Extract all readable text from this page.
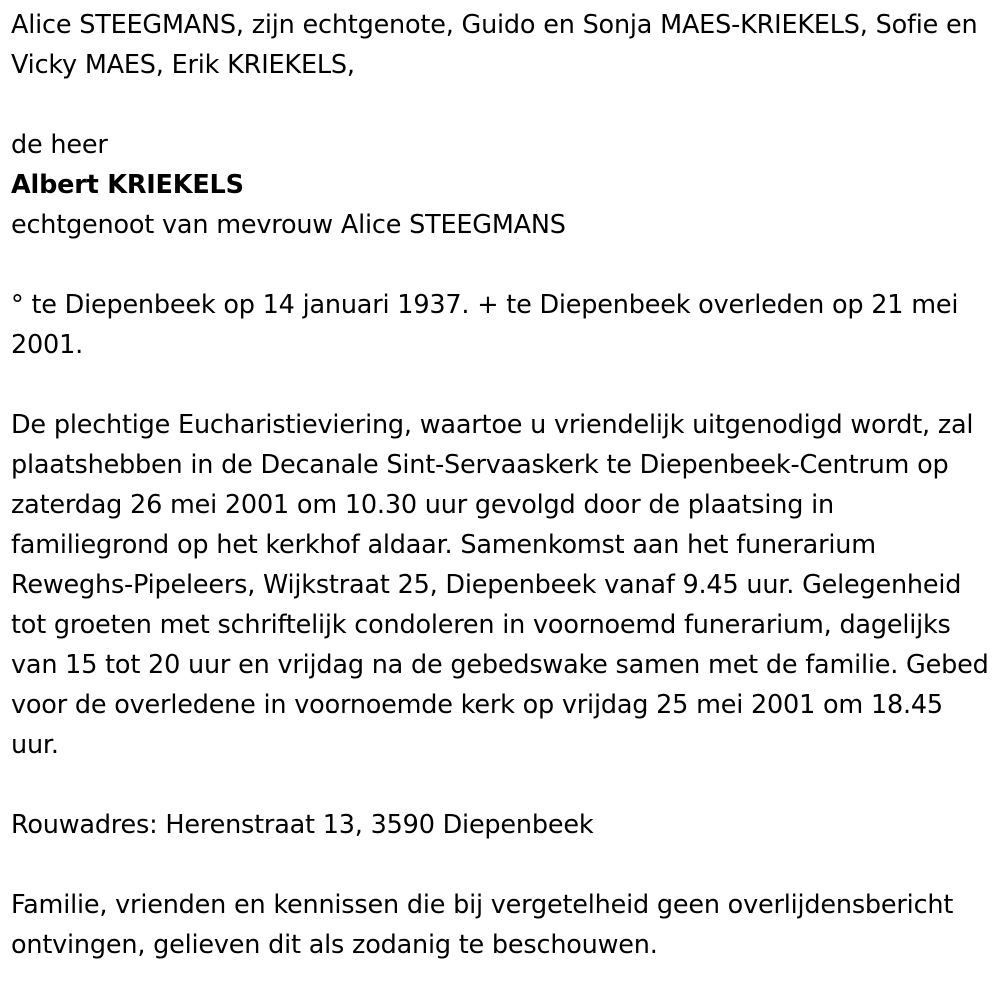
Alice STEEGMANS, zijn echtgenote, Guido en Sonja MAES-KRIEKELS, Sofie en Vicky MAES, Erik KRIEKELS,

de heer

Albert KRIEKELS

echtgenoot van mevrouw Alice STEEGMANS

° te Diepenbeek op 14 januari 1937. + te Diepenbeek overleden op 21 mei 2001.

De plechtige Eucharistieviering, waartoe u vriendelijk uitgenodigd wordt, zal plaatshebben in de Decanale Sint-Servaaskerk te Diepenbeek-Centrum op zaterdag 26 mei 2001 om 10.30 uur gevolgd door de plaatsing in familiegrond op het kerkhof aldaar. Samenkomst aan het funerarium Reweghs-Pipeleers, Wijkstraat 25, Diepenbeek vanaf 9.45 uur. Gelegenheid tot groeten met schriftelijk condoleren in voornoemd funerarium, dagelijks van 15 tot 20 uur en vrijdag na de gebedswake samen met de familie. Gebed voor de overledene in voornoemde kerk op vrijdag 25 mei 2001 om 18.45 uur.

Rouwadres: Herenstraat 13, 3590 Diepenbeek

Familie, vrienden en kennissen die bij vergetelheid geen overlijdensbericht ontvingen, gelieven dit als zodanig te beschouwen.
